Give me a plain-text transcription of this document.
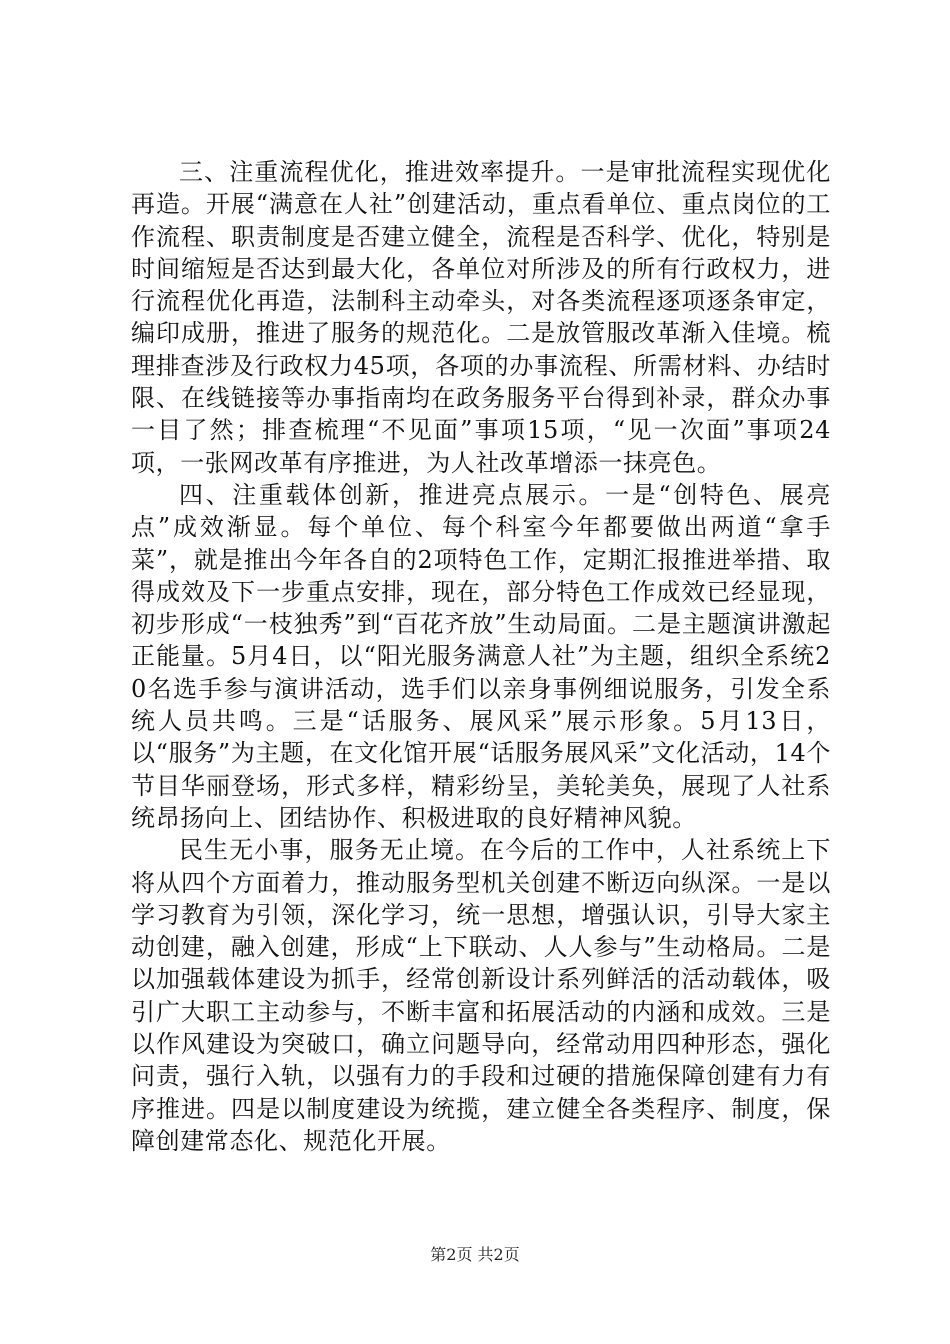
三、注重流程优化，推进效率提升。一是审批流程实现优化再造。开展“满意在人社”创建活动，重点看单位、重点岗位的工作流程、职责制度是否建立健全，流程是否科学、优化，特别是时间缩短是否达到最大化，各单位对所涉及的所有行政权力，进行流程优化再造，法制科主动牵头，对各类流程逐项逐条审定，编印成册，推进了服务的规范化。二是放管服改革渐入佳境。梳理排查涉及行政权力45项，各项的办事流程、所需材料、办结时限、在线链接等办事指南均在政务服务平台得到补录，群众办事一目了然；排查梳理“不见面”事项15项，“见一次面”事项24项，一张网改革有序推进，为人社改革增添一抹亮色。

四、注重载体创新，推进亮点展示。一是“创特色、展亮点”成效渐显。每个单位、每个科室今年都要做出两道“拿手菜”，就是推出今年各自的2项特色工作，定期汇报推进举措、取得成效及下一步重点安排，现在，部分特色工作成效已经显现，初步形成“一枝独秀”到“百花齐放”生动局面。二是主题演讲激起正能量。5月4日，以“阳光服务满意人社”为主题，组织全系统20名选手参与演讲活动，选手们以亲身事例细说服务，引发全系统人员共鸣。三是“话服务、展风采”展示形象。5月13日，以“服务”为主题，在文化馆开展“话服务展风采”文化活动，14个节目华丽登场，形式多样，精彩纷呈，美轮美奂，展现了人社系统昂扬向上、团结协作、积极进取的良好精神风貌。

民生无小事，服务无止境。在今后的工作中，人社系统上下将从四个方面着力，推动服务型机关创建不断迈向纵深。一是以学习教育为引领，深化学习，统一思想，增强认识，引导大家主动创建，融入创建，形成“上下联动、人人参与”生动格局。二是以加强载体建设为抓手，经常创新设计系列鲜活的活动载体，吸引广大职工主动参与，不断丰富和拓展活动的内涵和成效。三是以作风建设为突破口，确立问题导向，经常动用四种形态，强化问责，强行入轨，以强有力的手段和过硬的措施保障创建有力有序推进。四是以制度建设为统揽，建立健全各类程序、制度，保障创建常态化、规范化开展。

第2页 共2页
